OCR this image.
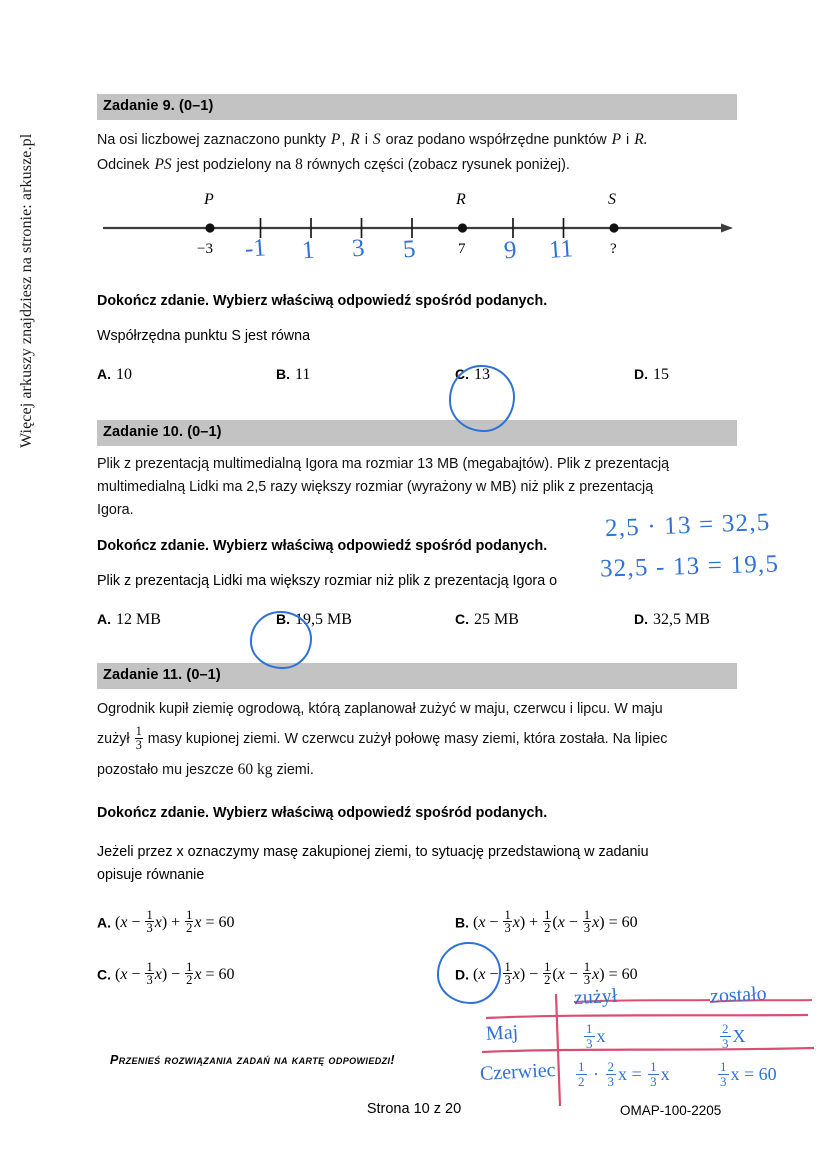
Więcej arkuszy znajdziesz na stronie: arkusze.pl
Zadanie 9. (0–1)
Na osi liczbowej zaznaczono punkty P, R i S oraz podano współrzędne punktów P i R.
Odcinek PS jest podzielony na 8 równych części (zobacz rysunek poniżej).
P	R	S
−3	7	?
-1 1 3 5	9 11
Dokończ zdanie. Wybierz właściwą odpowiedź spośród podanych.
Współrzędna punktu S jest równa
A. 10	B. 11	C. 13	D. 15
Zadanie 10. (0–1)
Plik z prezentacją multimedialną Igora ma rozmiar 13 MB (megabajtów). Plik z prezentacją
multimedialną Lidki ma 2,5 razy większy rozmiar (wyrażony w MB) niż plik z prezentacją
Igora.
Dokończ zdanie. Wybierz właściwą odpowiedź spośród podanych.
Plik z prezentacją Lidki ma większy rozmiar niż plik z prezentacją Igora o
A. 12 MB	B. 19,5 MB	C. 25 MB	D. 32,5 MB
Zadanie 11. (0–1)
Ogrodnik kupił ziemię ogrodową, którą zaplanował zużyć w maju, czerwcu i lipcu. W maju
zużył $\frac{1}{3}$ masy kupionej ziemi. W czerwcu zużył połowę masy ziemi, która została. Na lipiec
pozostało mu jeszcze 60 kg ziemi.
Dokończ zdanie. Wybierz właściwą odpowiedź spośród podanych.
Jeżeli przez x oznaczymy masę zakupionej ziemi, to sytuację przedstawioną w zadaniu
opisuje równanie
A. $(x - \frac{1}{3} x) + \frac{1}{2}$ x = 60	B. $(x - \frac{1}{3} x) + \frac{1}{2} (x - \frac{1}{3} x) = 60$
C. $(x - \frac{1}{3} x) - \frac{1}{2}$ x = 60	D. $(x - \frac{1}{3} x) - \frac{1}{2} (x - \frac{1}{3} x) = 60$
2,5 · 13 = 32,5
32,5 - 13 = 19,5
zużył	zostało
Maj	$\frac{1}{3}$ x	$\frac{2}{3}$ X
Czerwiec $\frac{1}{2} \cdot \frac{2}{3}$ $x = \frac{1}{3}$ x	$\frac{1}{3}$ x = 60
Przenieś rozwiązania zadań na kartę odpowiedzi!
Strona 10 z 20	OMAP-100-2205
